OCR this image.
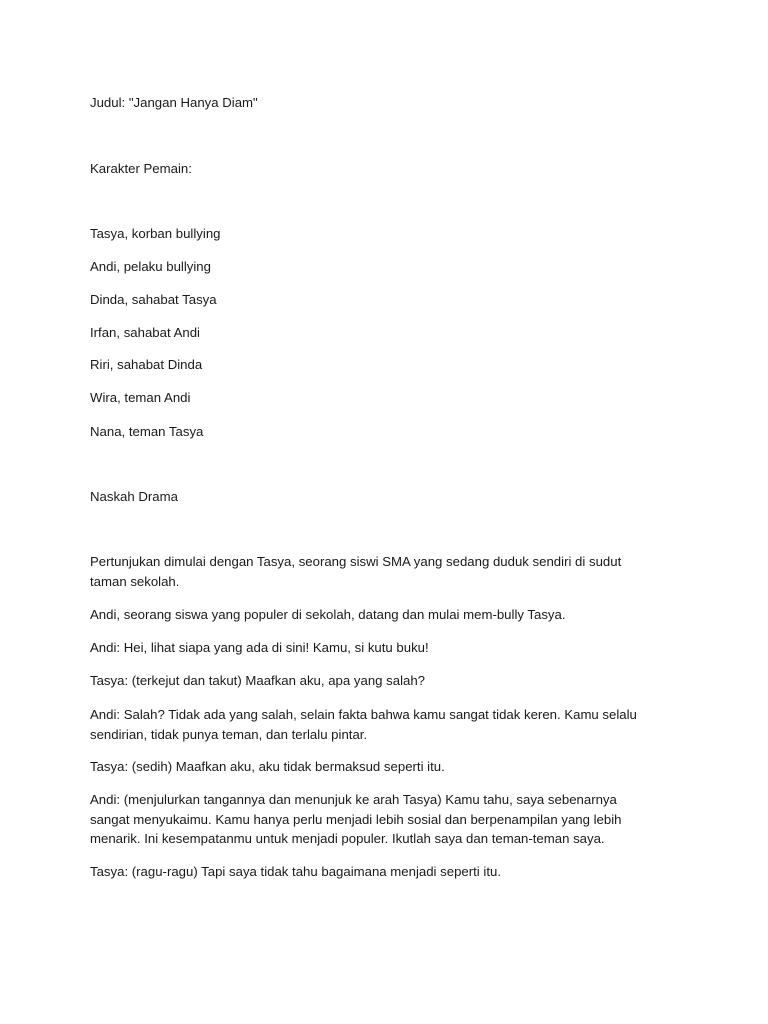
Judul: "Jangan Hanya Diam"

Karakter Pemain:

Tasya, korban bullying

Andi, pelaku bullying

Dinda, sahabat Tasya

Irfan, sahabat Andi

Riri, sahabat Dinda

Wira, teman Andi

Nana, teman Tasya

Naskah Drama

Pertunjukan dimulai dengan Tasya, seorang siswi SMA yang sedang duduk sendiri di sudut taman sekolah.

Andi, seorang siswa yang populer di sekolah, datang dan mulai mem-bully Tasya.

Andi: Hei, lihat siapa yang ada di sini! Kamu, si kutu buku!

Tasya: (terkejut dan takut) Maafkan aku, apa yang salah?

Andi: Salah? Tidak ada yang salah, selain fakta bahwa kamu sangat tidak keren. Kamu selalu sendirian, tidak punya teman, dan terlalu pintar.

Tasya: (sedih) Maafkan aku, aku tidak bermaksud seperti itu.

Andi: (menjulurkan tangannya dan menunjuk ke arah Tasya) Kamu tahu, saya sebenarnya sangat menyukaimu. Kamu hanya perlu menjadi lebih sosial dan berpenampilan yang lebih menarik. Ini kesempatanmu untuk menjadi populer. Ikutlah saya dan teman-teman saya.

Tasya: (ragu-ragu) Tapi saya tidak tahu bagaimana menjadi seperti itu.
